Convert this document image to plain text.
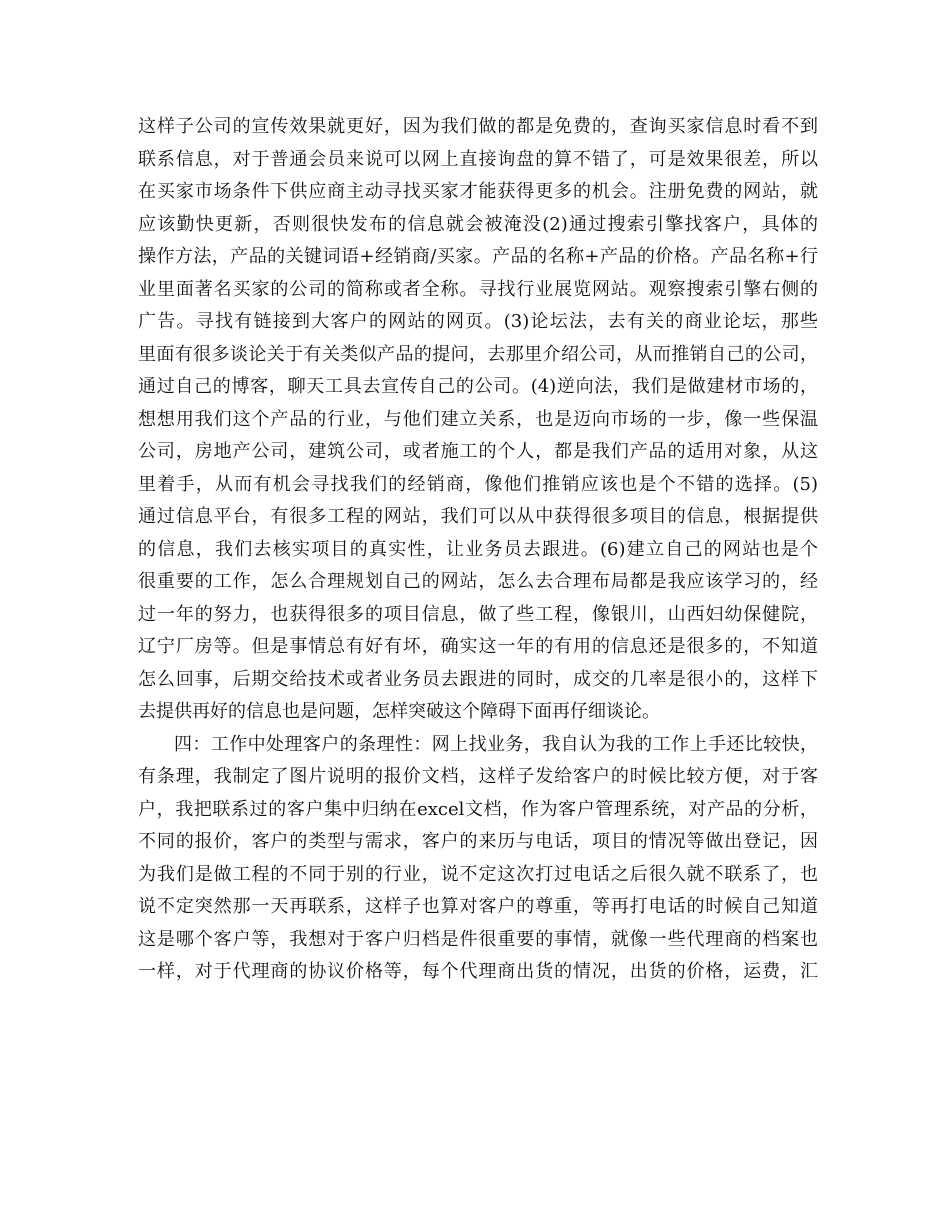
这样子公司的宣传效果就更好，因为我们做的都是免费的，查询买家信息时看不到
联系信息，对于普通会员来说可以网上直接询盘的算不错了，可是效果很差，所以
在买家市场条件下供应商主动寻找买家才能获得更多的机会。注册免费的网站，就
应该勤快更新，否则很快发布的信息就会被淹没(2)通过搜索引擎找客户，具体的
操作方法，产品的关键词语+经销商/买家。产品的名称+产品的价格。产品名称+行
业里面著名买家的公司的简称或者全称。寻找行业展览网站。观察搜索引擎右侧的
广告。寻找有链接到大客户的网站的网页。(3)论坛法，去有关的商业论坛，那些
里面有很多谈论关于有关类似产品的提问，去那里介绍公司，从而推销自己的公司，
通过自己的博客，聊天工具去宣传自己的公司。(4)逆向法，我们是做建材市场的，
想想用我们这个产品的行业，与他们建立关系，也是迈向市场的一步，像一些保温
公司，房地产公司，建筑公司，或者施工的个人，都是我们产品的适用对象，从这
里着手，从而有机会寻找我们的经销商，像他们推销应该也是个不错的选择。(5)
通过信息平台，有很多工程的网站，我们可以从中获得很多项目的信息，根据提供
的信息，我们去核实项目的真实性，让业务员去跟进。(6)建立自己的网站也是个
很重要的工作，怎么合理规划自己的网站，怎么去合理布局都是我应该学习的，经
过一年的努力，也获得很多的项目信息，做了些工程，像银川，山西妇幼保健院，
辽宁厂房等。但是事情总有好有坏，确实这一年的有用的信息还是很多的，不知道
怎么回事，后期交给技术或者业务员去跟进的同时，成交的几率是很小的，这样下
去提供再好的信息也是问题，怎样突破这个障碍下面再仔细谈论。
四：工作中处理客户的条理性：网上找业务，我自认为我的工作上手还比较快，
有条理，我制定了图片说明的报价文档，这样子发给客户的时候比较方便，对于客
户，我把联系过的客户集中归纳在excel文档，作为客户管理系统，对产品的分析，
不同的报价，客户的类型与需求，客户的来历与电话，项目的情况等做出登记，因
为我们是做工程的不同于别的行业，说不定这次打过电话之后很久就不联系了，也
说不定突然那一天再联系，这样子也算对客户的尊重，等再打电话的时候自己知道
这是哪个客户等，我想对于客户归档是件很重要的事情，就像一些代理商的档案也
一样，对于代理商的协议价格等，每个代理商出货的情况，出货的价格，运费，汇
